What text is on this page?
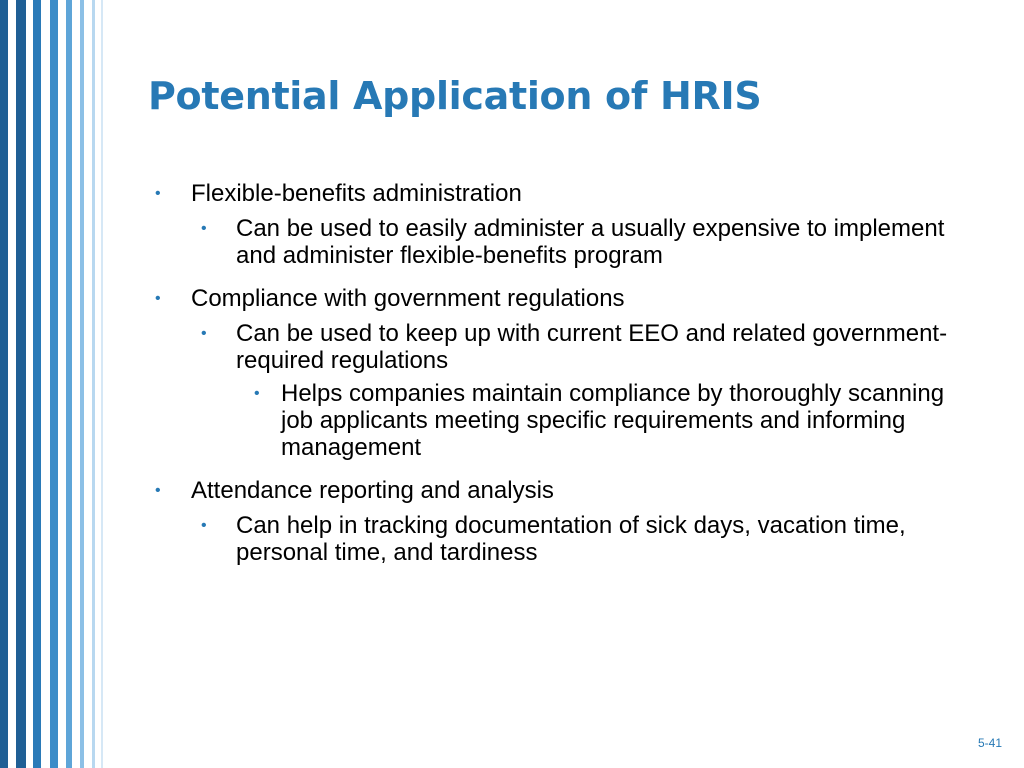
Potential Application of HRIS
• Flexible-benefits administration
• Can be used to easily administer a usually expensive to implement and administer flexible-benefits program
• Compliance with government regulations
• Can be used to keep up with current EEO and related government-required regulations
• Helps companies maintain compliance by thoroughly scanning job applicants meeting specific requirements and informing management
• Attendance reporting and analysis
• Can help in tracking documentation of sick days, vacation time, personal time, and tardiness
5-41
